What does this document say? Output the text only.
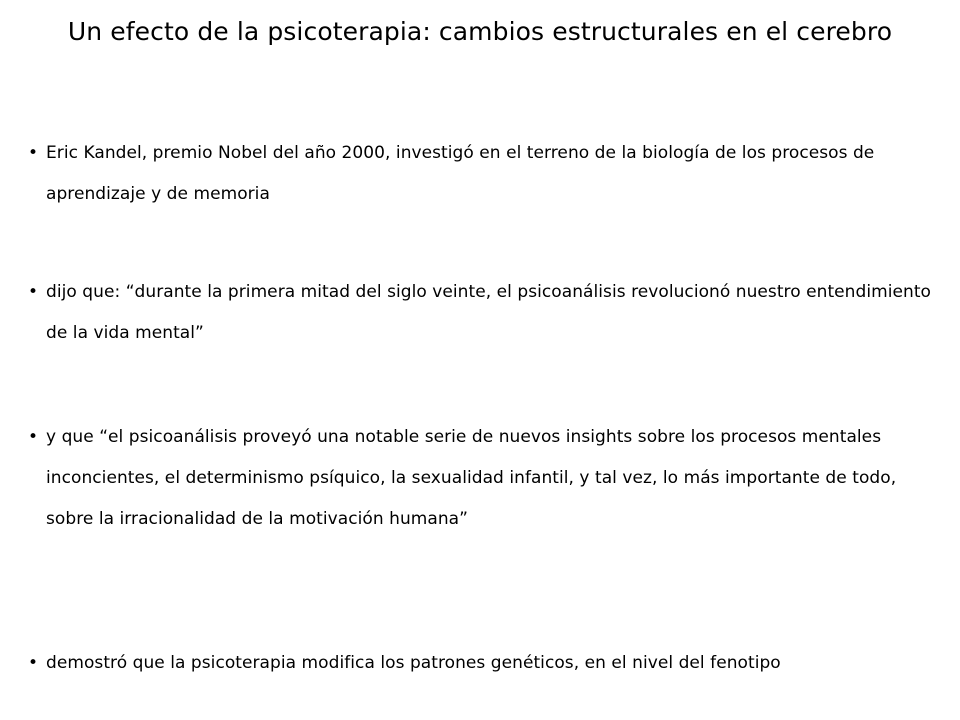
Un efecto de la psicoterapia: cambios estructurales en el cerebro
• Eric Kandel, premio Nobel del año 2000, investigó en el terreno de la biología de los procesos de aprendizaje y de memoria
• dijo que: “durante la primera mitad del siglo veinte, el psicoanálisis revolucionó nuestro entendimiento de la vida mental”
• y que “el psicoanálisis proveyó una notable serie de nuevos insights sobre los procesos mentales inconcientes, el determinismo psíquico, la sexualidad infantil, y tal vez, lo más importante de todo, sobre la irracionalidad de la motivación humana”
• demostró que la psicoterapia modifica los patrones genéticos, en el nivel del fenotipo
